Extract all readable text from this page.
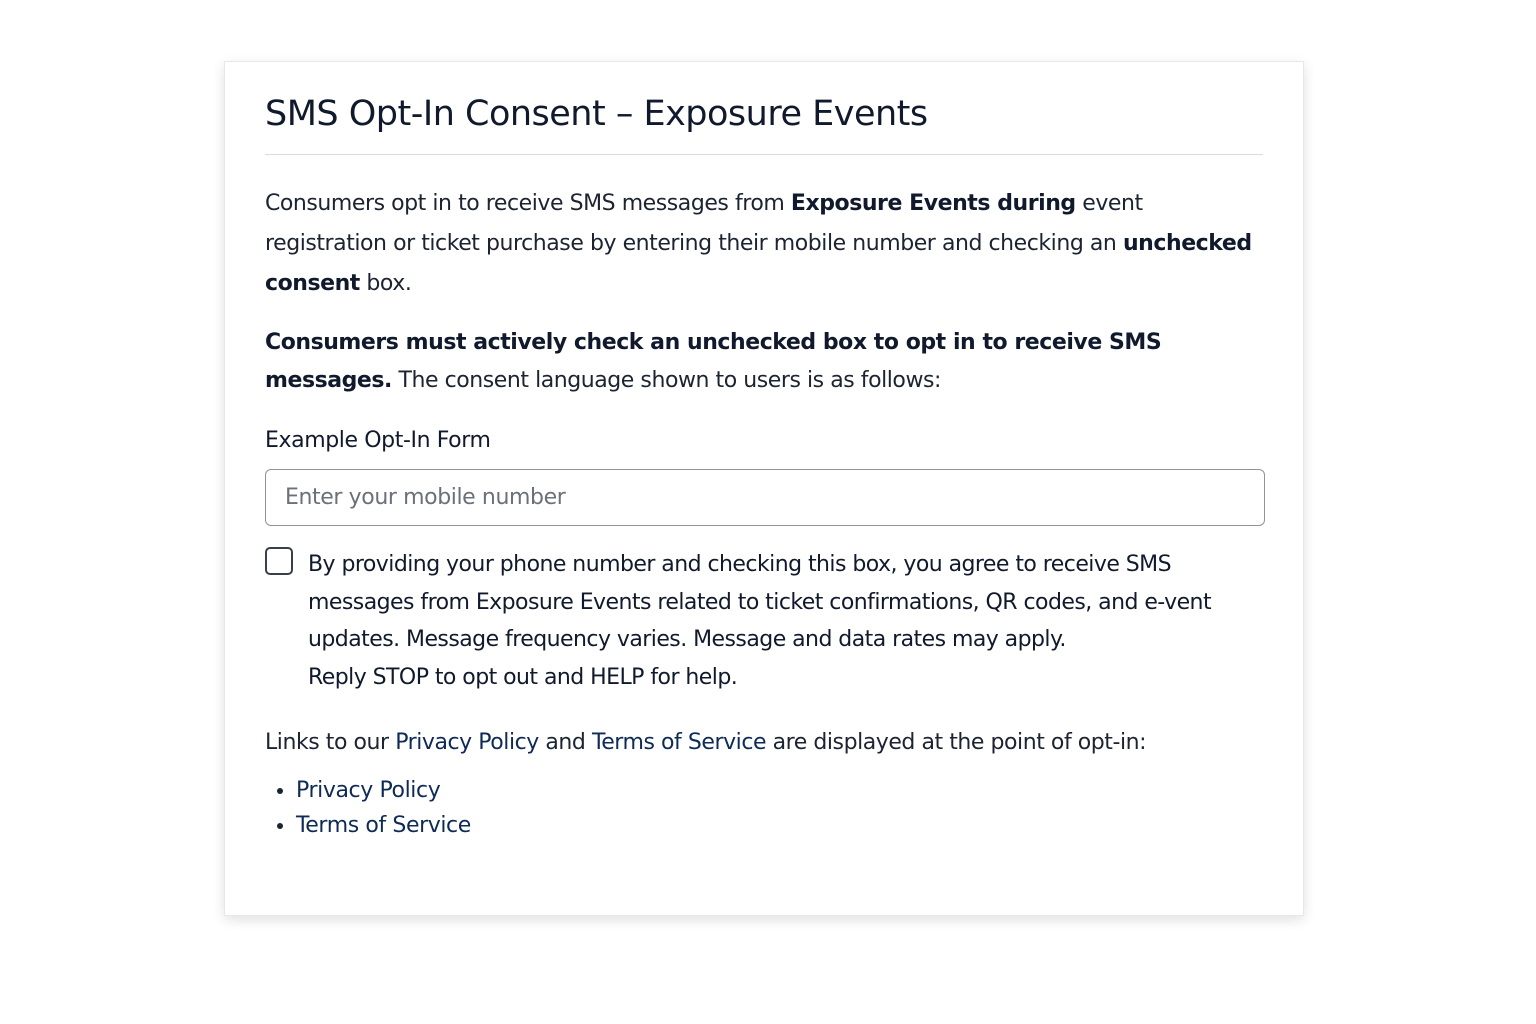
SMS Opt-In Consent – Exposure Events

Consumers opt in to receive SMS messages from Exposure Events during event registration or ticket purchase by entering their mobile number and checking an unchecked consent box.

Consumers must actively check an unchecked box to opt in to receive SMS messages. The consent language shown to users is as follows:

Example Opt-In Form
Enter your mobile number
By providing your phone number and checking this box, you agree to receive SMS messages from Exposure Events related to ticket confirmations, QR codes, and e-vent updates. Message frequency varies. Message and data rates may apply.
Reply STOP to opt out and HELP for help.

Links to our Privacy Policy and Terms of Service are displayed at the point of opt-in:

• Privacy Policy
• Terms of Service
